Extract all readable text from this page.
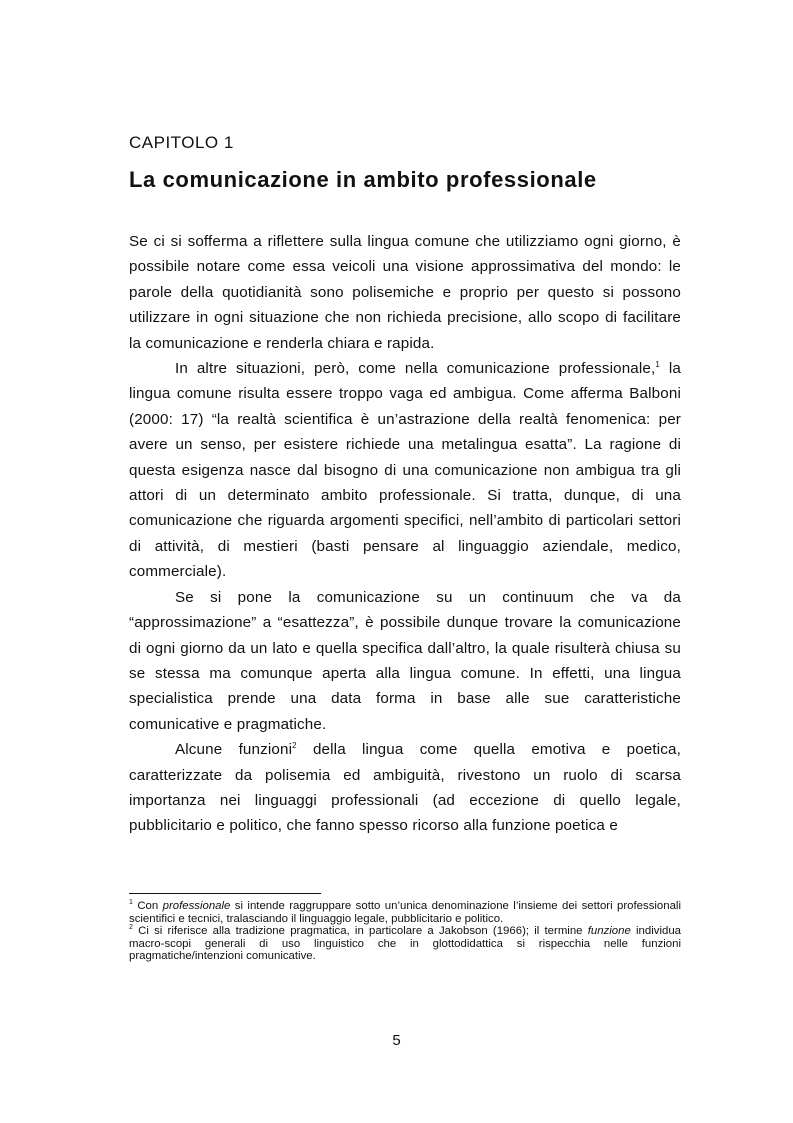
CAPITOLO 1
La comunicazione in ambito professionale

Se ci si sofferma a riflettere sulla lingua comune che utilizziamo ogni giorno, è possibile notare come essa veicoli una visione approssimativa del mondo: le parole della quotidianità sono polisemiche e proprio per questo si possono utilizzare in ogni situazione che non richieda precisione, allo scopo di facilitare la comunicazione e renderla chiara e rapida.

In altre situazioni, però, come nella comunicazione professionale,$^1$ la lingua comune risulta essere troppo vaga ed ambigua. Come afferma Balboni (2000: 17) “la realtà scientifica è un’astrazione della realtà fenomenica: per avere un senso, per esistere richiede una metalingua esatta”. La ragione di questa esigenza nasce dal bisogno di una comunicazione non ambigua tra gli attori di un determinato ambito professionale. Si tratta, dunque, di una comunicazione che riguarda argomenti specifici, nell’ambito di particolari settori di attività, di mestieri (basti pensare al linguaggio aziendale, medico, commerciale).

Se si pone la comunicazione su un continuum che va da “approssimazione” a “esattezza”, è possibile dunque trovare la comunicazione di ogni giorno da un lato e quella specifica dall’altro, la quale risulterà chiusa su se stessa ma comunque aperta alla lingua comune. In effetti, una lingua specialistica prende una data forma in base alle sue caratteristiche comunicative e pragmatiche.

Alcune funzioni$^2$ della lingua come quella emotiva e poetica, caratterizzate da polisemia ed ambiguità, rivestono un ruolo di scarsa importanza nei linguaggi professionali (ad eccezione di quello legale, pubblicitario e politico, che fanno spesso ricorso alla funzione poetica e

$^1$ Con professionale si intende raggruppare sotto un’unica denominazione l’insieme dei settori professionali scientifici e tecnici, tralasciando il linguaggio legale, pubblicitario e politico.

$^2$ Ci si riferisce alla tradizione pragmatica, in particolare a Jakobson (1966); il termine funzione individua macro-scopi generali di uso linguistico che in glottodidattica si rispecchia nelle funzioni pragmatiche/intenzioni comunicative.

5
